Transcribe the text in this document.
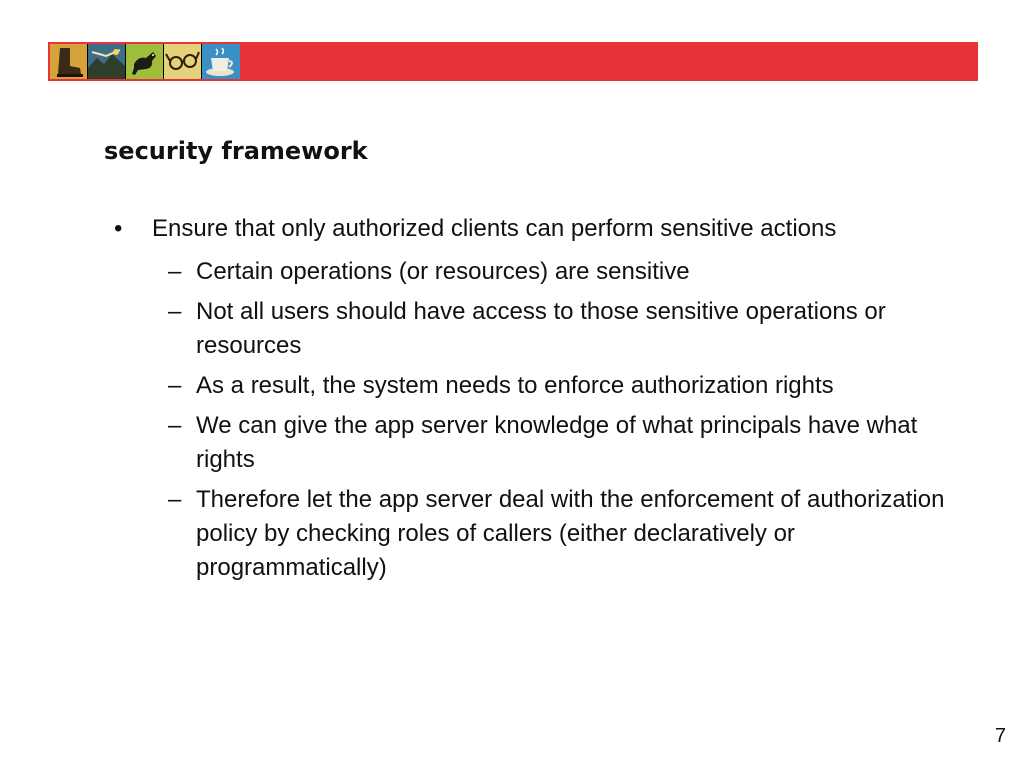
security framework

• Ensure that only authorized clients can perform sensitive actions

– Certain operations (or resources) are sensitive

– Not all users should have access to those sensitive operations or resources

– As a result, the system needs to enforce authorization rights

– We can give the app server knowledge of what principals have what rights

– Therefore let the app server deal with the enforcement of authorization policy by checking roles of callers (either declaratively or programmatically)

7
